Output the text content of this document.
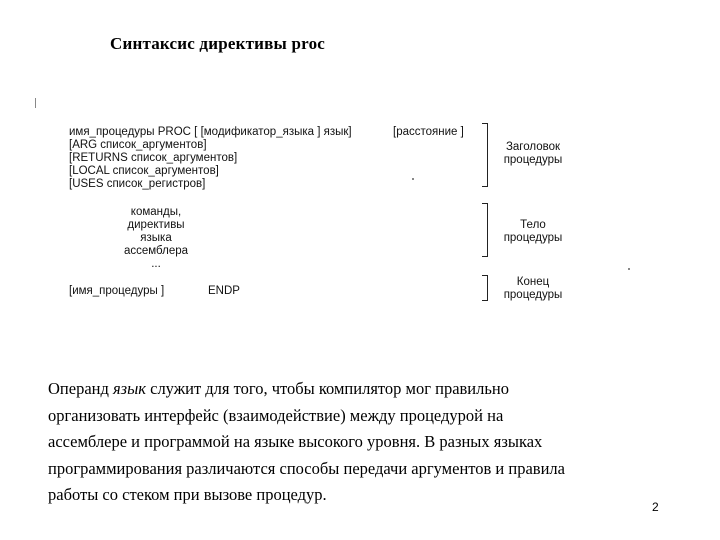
Синтаксис директивы proc
имя_процедуры PROC [ [модификатор_языка ] язык]
[ARG список_аргументов]
[RETURNS список_аргументов]
[LOCAL список_аргументов]
[USES список_регистров]
[расстояние ]
команды,
директивы
языка
ассемблера
...
[имя_процедуры ]	ENDP
Заголовок
процедуры
Тело
процедуры
Конец
процедуры
Операнд язык служит для того, чтобы компилятор мог правильно
организовать интерфейс (взаимодействие) между процедурой на
ассемблере и программой на языке высокого уровня. В разных языках
программирования различаются способы передачи аргументов и правила
работы со стеком при вызове процедур.
2
